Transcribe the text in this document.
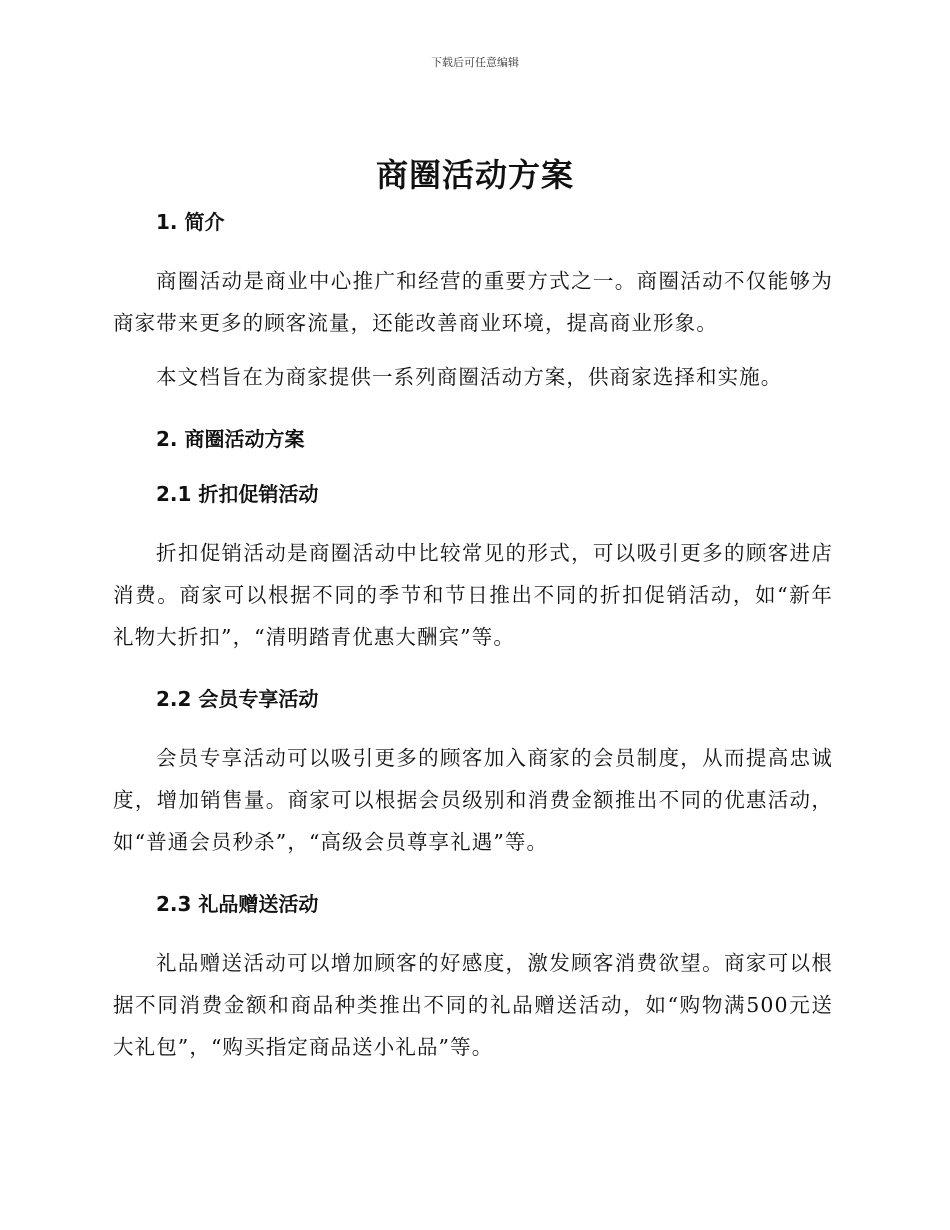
下载后可任意编辑
商圈活动方案
1. 简介

商圈活动是商业中心推广和经营的重要方式之一。商圈活动不仅能够为商家带来更多的顾客流量，还能改善商业环境，提高商业形象。

本文档旨在为商家提供一系列商圈活动方案，供商家选择和实施。

2. 商圈活动方案
2.1 折扣促销活动

折扣促销活动是商圈活动中比较常见的形式，可以吸引更多的顾客进店消费。商家可以根据不同的季节和节日推出不同的折扣促销活动，如“新年礼物大折扣”，“清明踏青优惠大酬宾”等。

2.2 会员专享活动

会员专享活动可以吸引更多的顾客加入商家的会员制度，从而提高忠诚度，增加销售量。商家可以根据会员级别和消费金额推出不同的优惠活动，如“普通会员秒杀”，“高级会员尊享礼遇”等。

2.3 礼品赠送活动

礼品赠送活动可以增加顾客的好感度，激发顾客消费欲望。商家可以根据不同消费金额和商品种类推出不同的礼品赠送活动，如“购物满500元送大礼包”，“购买指定商品送小礼品”等。
